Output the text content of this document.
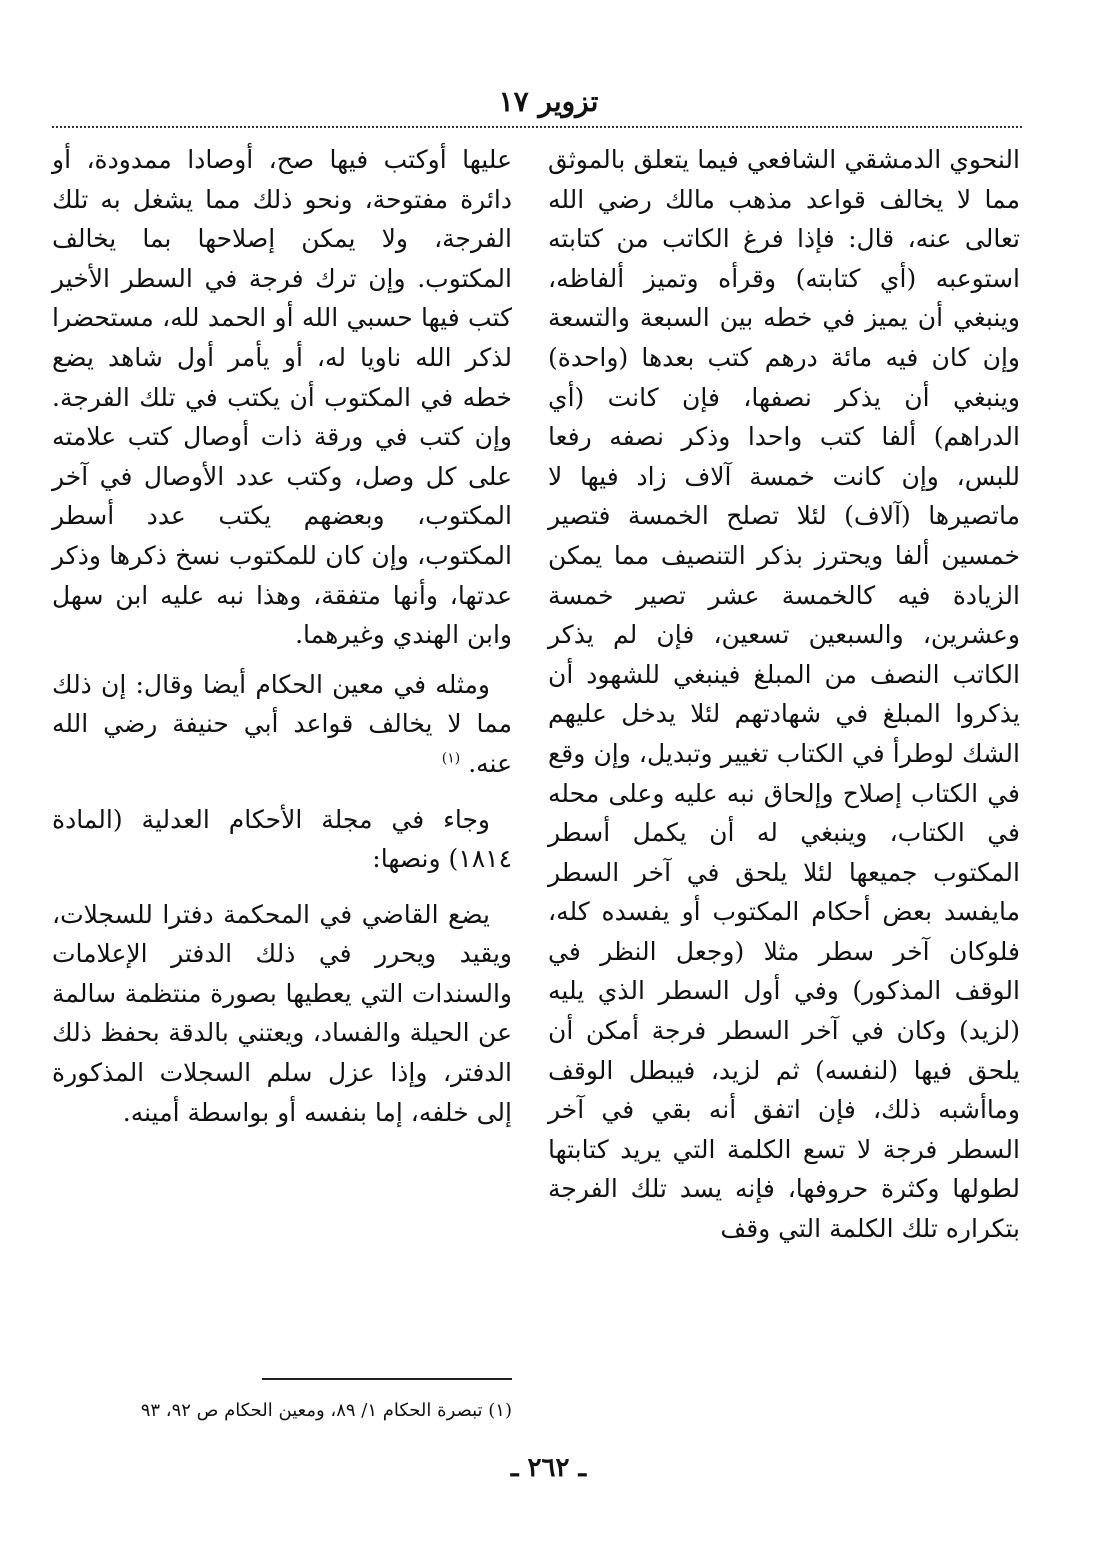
تزوير ١٧

النحوي الدمشقي الشافعي فيما يتعلق بالموثق مما لا يخالف قواعد مذهب مالك رضي الله تعالى عنه، قال: فإذا فرغ الكاتب من كتابته استوعبه (أي كتابته) وقرأه وتميز ألفاظه، وينبغي أن يميز في خطه بين السبعة والتسعة وإن كان فيه مائة درهم كتب بعدها (واحدة) وينبغي أن يذكر نصفها، فإن كانت (أي الدراهم) ألفا كتب واحدا وذكر نصفه رفعا للبس، وإن كانت خمسة آلاف زاد فيها لا ماتصيرها (آلاف) لئلا تصلح الخمسة فتصير خمسين ألفا ويحترز بذكر التنصيف مما يمكن الزيادة فيه كالخمسة عشر تصير خمسة وعشرين، والسبعين تسعين، فإن لم يذكر الكاتب النصف من المبلغ فينبغي للشهود أن يذكروا المبلغ في شهادتهم لئلا يدخل عليهم الشك لوطرأ في الكتاب تغيير وتبديل، وإن وقع في الكتاب إصلاح وإلحاق نبه عليه وعلى محله في الكتاب، وينبغي له أن يكمل أسطر المكتوب جميعها لئلا يلحق في آخر السطر مايفسد بعض أحكام المكتوب أو يفسده كله، فلوكان آخر سطر مثلا (وجعل النظر في الوقف المذكور) وفي أول السطر الذي يليه (لزيد) وكان في آخر السطر فرجة أمكن أن يلحق فيها (لنفسه) ثم لزيد، فيبطل الوقف وماأشبه ذلك، فإن اتفق أنه بقي في آخر السطر فرجة لا تسع الكلمة التي يريد كتابتها لطولها وكثرة حروفها، فإنه يسد تلك الفرجة بتكراره تلك الكلمة التي وقف

عليها أوكتب فيها صح، أوصادا ممدودة، أو دائرة مفتوحة، ونحو ذلك مما يشغل به تلك الفرجة، ولا يمكن إصلاحها بما يخالف المكتوب. وإن ترك فرجة في السطر الأخير كتب فيها حسبي الله أو الحمد لله، مستحضرا لذكر الله ناويا له، أو يأمر أول شاهد يضع خطه في المكتوب أن يكتب في تلك الفرجة. وإن كتب في ورقة ذات أوصال كتب علامته على كل وصل، وكتب عدد الأوصال في آخر المكتوب، وبعضهم يكتب عدد أسطر المكتوب، وإن كان للمكتوب نسخ ذكرها وذكر عدتها، وأنها متفقة، وهذا نبه عليه ابن سهل وابن الهندي وغيرهما.

ومثله في معين الحكام أيضا وقال: إن ذلك مما لا يخالف قواعد أبي حنيفة رضي الله عنه. $^{(١)}$

وجاء في مجلة الأحكام العدلية (المادة ١٨١٤) ونصها:

يضع القاضي في المحكمة دفترا للسجلات، ويقيد ويحرر في ذلك الدفتر الإعلامات والسندات التي يعطيها بصورة منتظمة سالمة عن الحيلة والفساد، ويعتني بالدقة بحفظ ذلك الدفتر، وإذا عزل سلم السجلات المذكورة إلى خلفه، إما بنفسه أو بواسطة أمينه.

(١) تبصرة الحكام ١/ ٨٩، ومعين الحكام ص ٩٢، ٩٣
ـ ٢٦٢ ـ
